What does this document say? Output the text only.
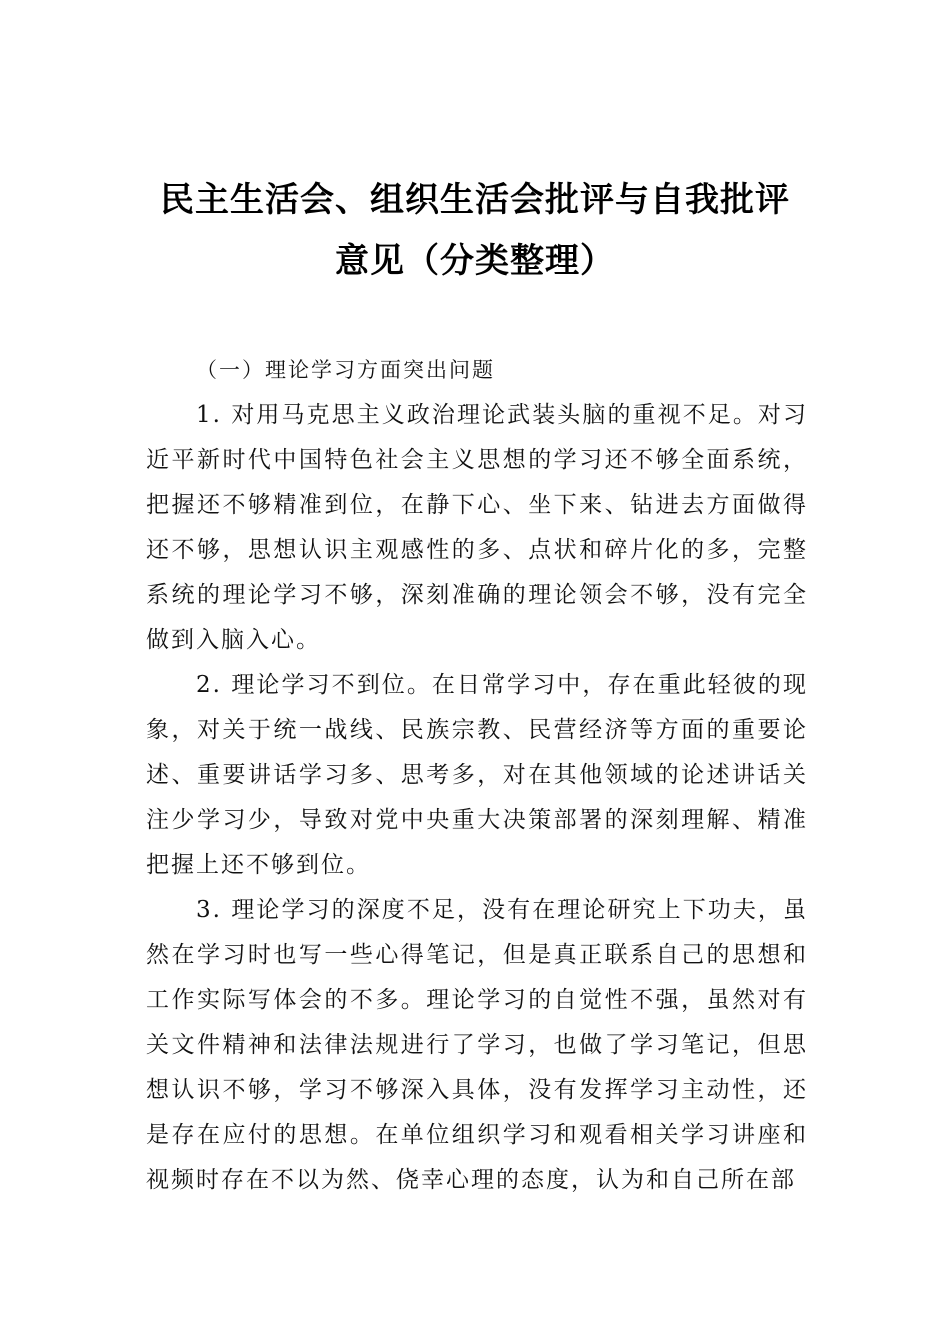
民主生活会、组织生活会批评与自我批评
意见（分类整理）

（一）理论学习方面突出问题

1. 对用马克思主义政治理论武装头脑的重视不足。对习近平新时代中国特色社会主义思想的学习还不够全面系统，把握还不够精准到位，在静下心、坐下来、钻进去方面做得还不够，思想认识主观感性的多、点状和碎片化的多，完整系统的理论学习不够，深刻准确的理论领会不够，没有完全做到入脑入心。

2. 理论学习不到位。在日常学习中，存在重此轻彼的现象，对关于统一战线、民族宗教、民营经济等方面的重要论述、重要讲话学习多、思考多，对在其他领域的论述讲话关注少学习少，导致对党中央重大决策部署的深刻理解、精准把握上还不够到位。

3. 理论学习的深度不足，没有在理论研究上下功夫，虽然在学习时也写一些心得笔记，但是真正联系自己的思想和工作实际写体会的不多。理论学习的自觉性不强，虽然对有关文件精神和法律法规进行了学习，也做了学习笔记，但思想认识不够，学习不够深入具体，没有发挥学习主动性，还是存在应付的思想。在单位组织学习和观看相关学习讲座和视频时存在不以为然、侥幸心理的态度，认为和自己所在部
